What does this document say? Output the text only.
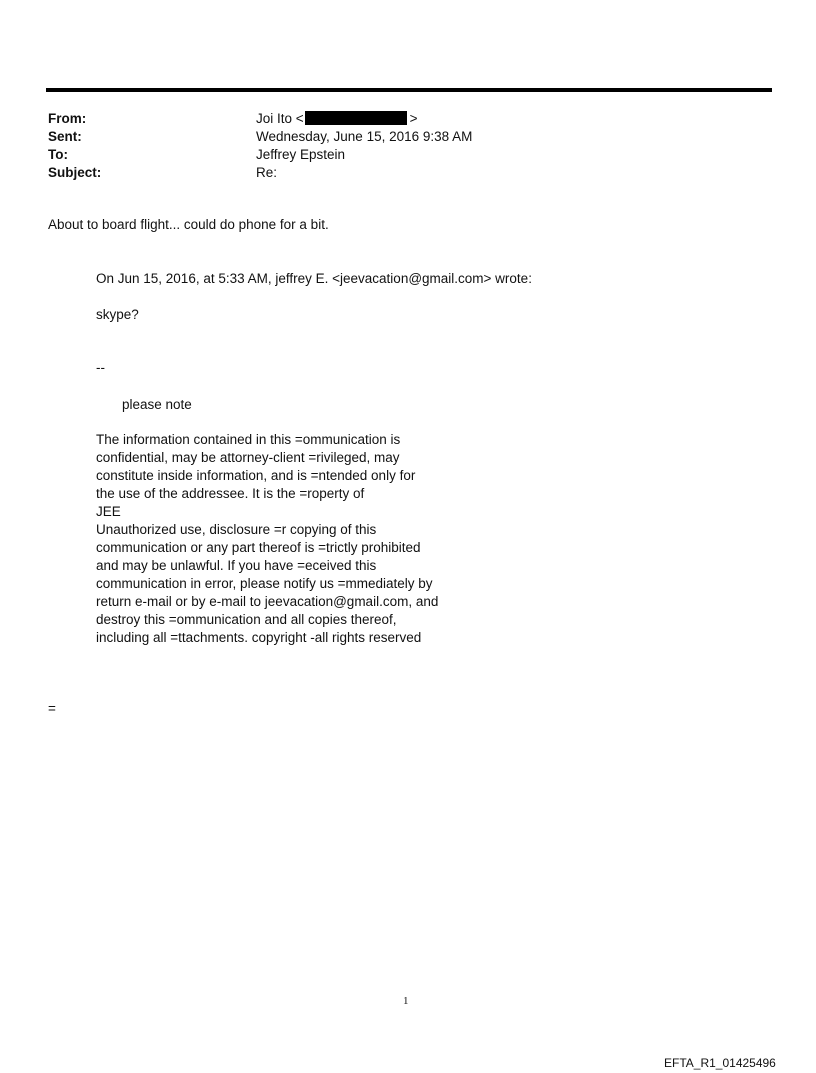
From:	Joi Ito <	>
Sent:	Wednesday, June 15, 2016 9:38 AM
To:	Jeffrey Epstein
Subject:	Re:
About to board flight... could do phone for a bit.
On Jun 15, 2016, at 5:33 AM, jeffrey E. <jeevacation@gmail.com> wrote:
skype?
--
please note
The information contained in this =ommunication is
confidential, may be attorney-client =rivileged, may
constitute inside information, and is =ntended only for
the use of the addressee. It is the =roperty of
JEE
Unauthorized use, disclosure =r copying of this
communication or any part thereof is =trictly prohibited
and may be unlawful. If you have =eceived this
communication in error, please notify us =mmediately by
return e-mail or by e-mail to jeevacation@gmail.com, and
destroy this =ommunication and all copies thereof,
including all =ttachments. copyright -all rights reserved
=
1
EFTA_R1_01425496
